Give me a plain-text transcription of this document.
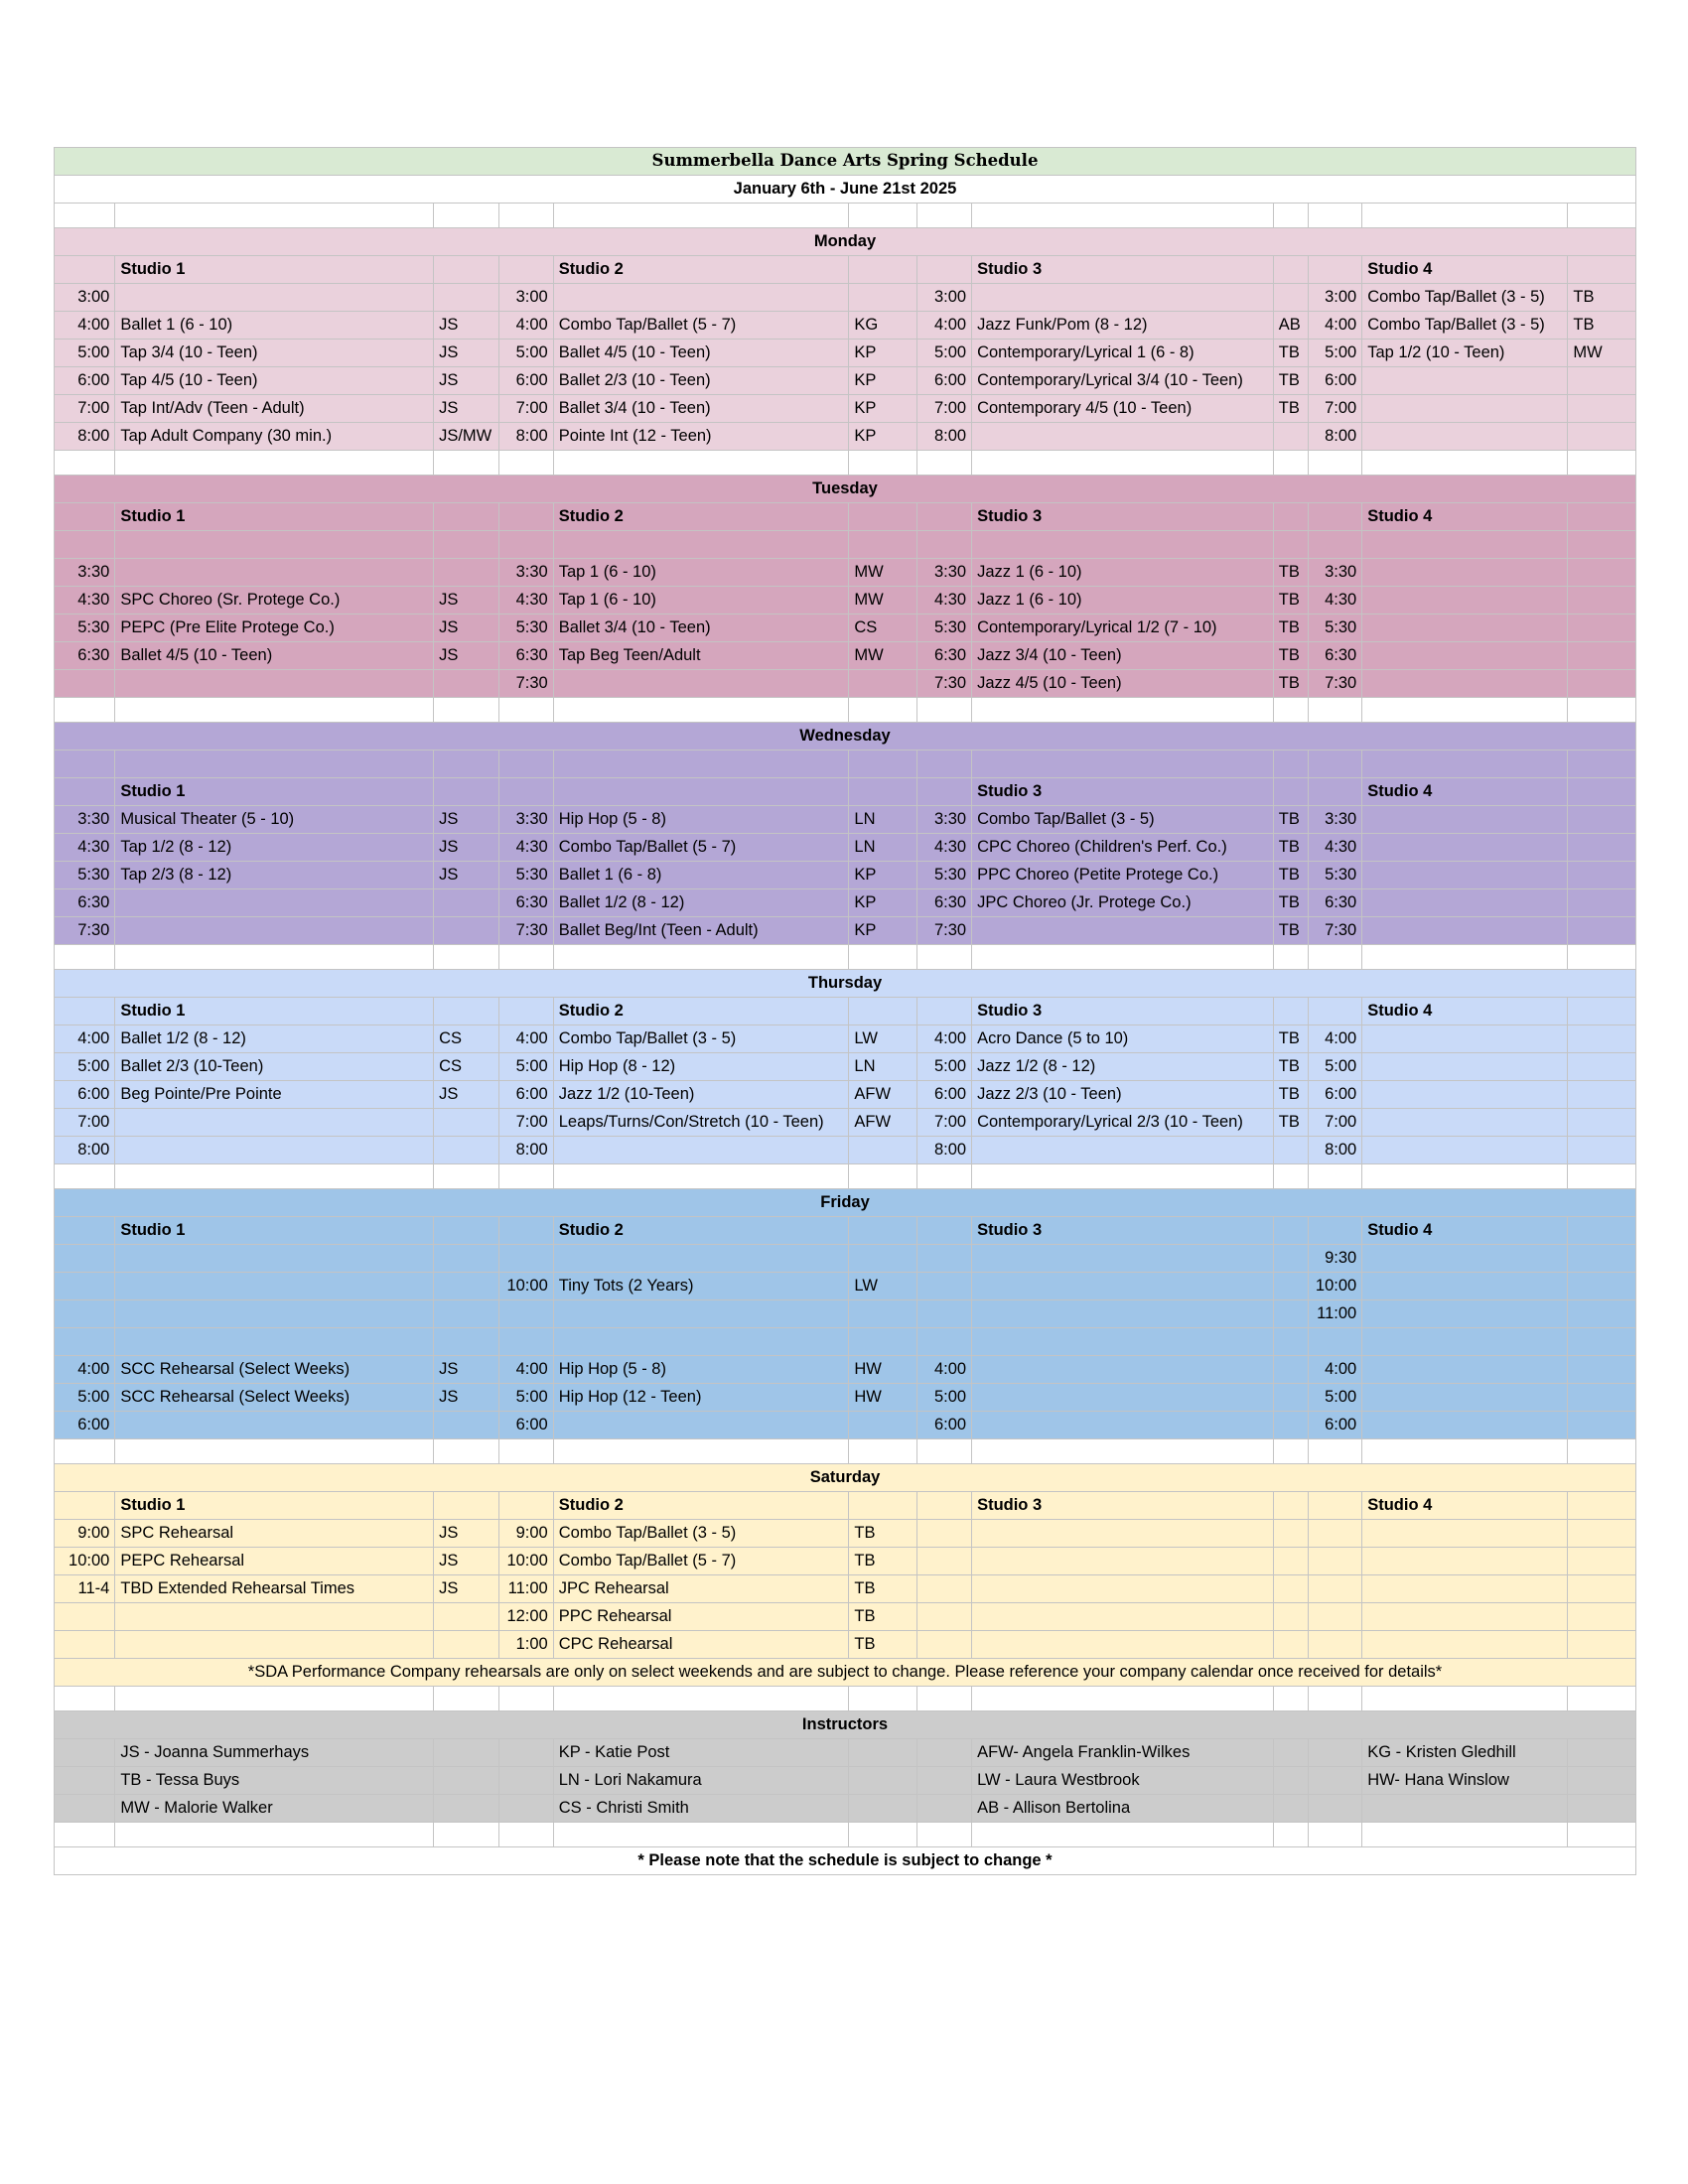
Summerbella Dance Arts Spring Schedule											
January 6th - June 21st 2025											

Monday											
	Studio 1			Studio 2			Studio 3			Studio 4	
3:00			3:00			3:00			3:00	Combo Tap/Ballet (3 - 5)	TB
4:00	Ballet 1 (6 - 10)	JS	4:00	Combo Tap/Ballet (5 - 7)	KG	4:00	Jazz Funk/Pom (8 - 12)	AB	4:00	Combo Tap/Ballet (3 - 5)	TB
5:00	Tap 3/4 (10 - Teen)	JS	5:00	Ballet 4/5 (10 - Teen)	KP	5:00	Contemporary/Lyrical 1 (6 - 8)	TB	5:00	Tap 1/2 (10 - Teen)	MW
6:00	Tap 4/5 (10 - Teen)	JS	6:00	Ballet 2/3 (10 - Teen)	KP	6:00	Contemporary/Lyrical 3/4 (10 - Teen)	TB	6:00		
7:00	Tap Int/Adv (Teen - Adult)	JS	7:00	Ballet 3/4 (10 - Teen)	KP	7:00	Contemporary 4/5 (10 - Teen)	TB	7:00		
8:00	Tap Adult Company (30 min.)	JS/MW	8:00	Pointe Int (12 - Teen)	KP	8:00			8:00		

Tuesday											
	Studio 1			Studio 2			Studio 3			Studio 4	

3:30			3:30	Tap 1 (6 - 10)	MW	3:30	Jazz 1 (6 - 10)	TB	3:30		
4:30	SPC Choreo (Sr. Protege Co.)	JS	4:30	Tap 1 (6 - 10)	MW	4:30	Jazz 1 (6 - 10)	TB	4:30		
5:30	PEPC (Pre Elite Protege Co.)	JS	5:30	Ballet 3/4 (10 - Teen)	CS	5:30	Contemporary/Lyrical 1/2 (7 - 10)	TB	5:30		
6:30	Ballet 4/5 (10 - Teen)	JS	6:30	Tap Beg Teen/Adult	MW	6:30	Jazz 3/4 (10 - Teen)	TB	6:30		
			7:30			7:30	Jazz 4/5 (10 - Teen)	TB	7:30		

Wednesday											

	Studio 1						Studio 3			Studio 4	
3:30	Musical Theater (5 - 10)	JS	3:30	Hip Hop (5 - 8)	LN	3:30	Combo Tap/Ballet (3 - 5)	TB	3:30		
4:30	Tap 1/2 (8 - 12)	JS	4:30	Combo Tap/Ballet (5 - 7)	LN	4:30	CPC Choreo (Children's Perf. Co.)	TB	4:30		
5:30	Tap 2/3 (8 - 12)	JS	5:30	Ballet 1 (6 - 8)	KP	5:30	PPC Choreo (Petite Protege Co.)	TB	5:30		
6:30			6:30	Ballet 1/2 (8 - 12)	KP	6:30	JPC Choreo (Jr. Protege Co.)	TB	6:30		
7:30			7:30	Ballet Beg/Int (Teen - Adult)	KP	7:30		TB	7:30		

Thursday											
	Studio 1			Studio 2			Studio 3			Studio 4	
4:00	Ballet 1/2 (8 - 12)	CS	4:00	Combo Tap/Ballet (3 - 5)	LW	4:00	Acro Dance (5 to 10)	TB	4:00		
5:00	Ballet 2/3 (10-Teen)	CS	5:00	Hip Hop (8 - 12)	LN	5:00	Jazz 1/2 (8 - 12)	TB	5:00		
6:00	Beg Pointe/Pre Pointe	JS	6:00	Jazz 1/2 (10-Teen)	AFW	6:00	Jazz 2/3 (10 - Teen)	TB	6:00		
7:00			7:00	Leaps/Turns/Con/Stretch (10 - Teen)	AFW	7:00	Contemporary/Lyrical 2/3 (10 - Teen)	TB	7:00		
8:00			8:00			8:00			8:00		

Friday											
	Studio 1			Studio 2			Studio 3			Studio 4	
									9:30		
			10:00	Tiny Tots (2 Years)	LW				10:00		
									11:00		

4:00	SCC Rehearsal (Select Weeks)	JS	4:00	Hip Hop (5 - 8)	HW	4:00			4:00		
5:00	SCC Rehearsal (Select Weeks)	JS	5:00	Hip Hop (12 - Teen)	HW	5:00			5:00		
6:00			6:00			6:00			6:00		

Saturday											
	Studio 1			Studio 2			Studio 3			Studio 4	
9:00	SPC Rehearsal	JS	9:00	Combo Tap/Ballet (3 - 5)	TB						
10:00	PEPC Rehearsal	JS	10:00	Combo Tap/Ballet (5 - 7)	TB						
11-4	TBD Extended Rehearsal Times	JS	11:00	JPC Rehearsal	TB						
			12:00	PPC Rehearsal	TB						
			1:00	CPC Rehearsal	TB						
*SDA Performance Company rehearsals are only on select weekends and are subject to change. Please reference your company calendar once received for details*											

Instructors											
	JS - Joanna Summerhays			KP - Katie Post			AFW- Angela Franklin-Wilkes			KG - Kristen Gledhill	
	TB - Tessa Buys			LN - Lori Nakamura			LW - Laura Westbrook			HW- Hana Winslow	
	MW - Malorie Walker			CS - Christi Smith			AB - Allison Bertolina				

* Please note that the schedule is subject to change *											
